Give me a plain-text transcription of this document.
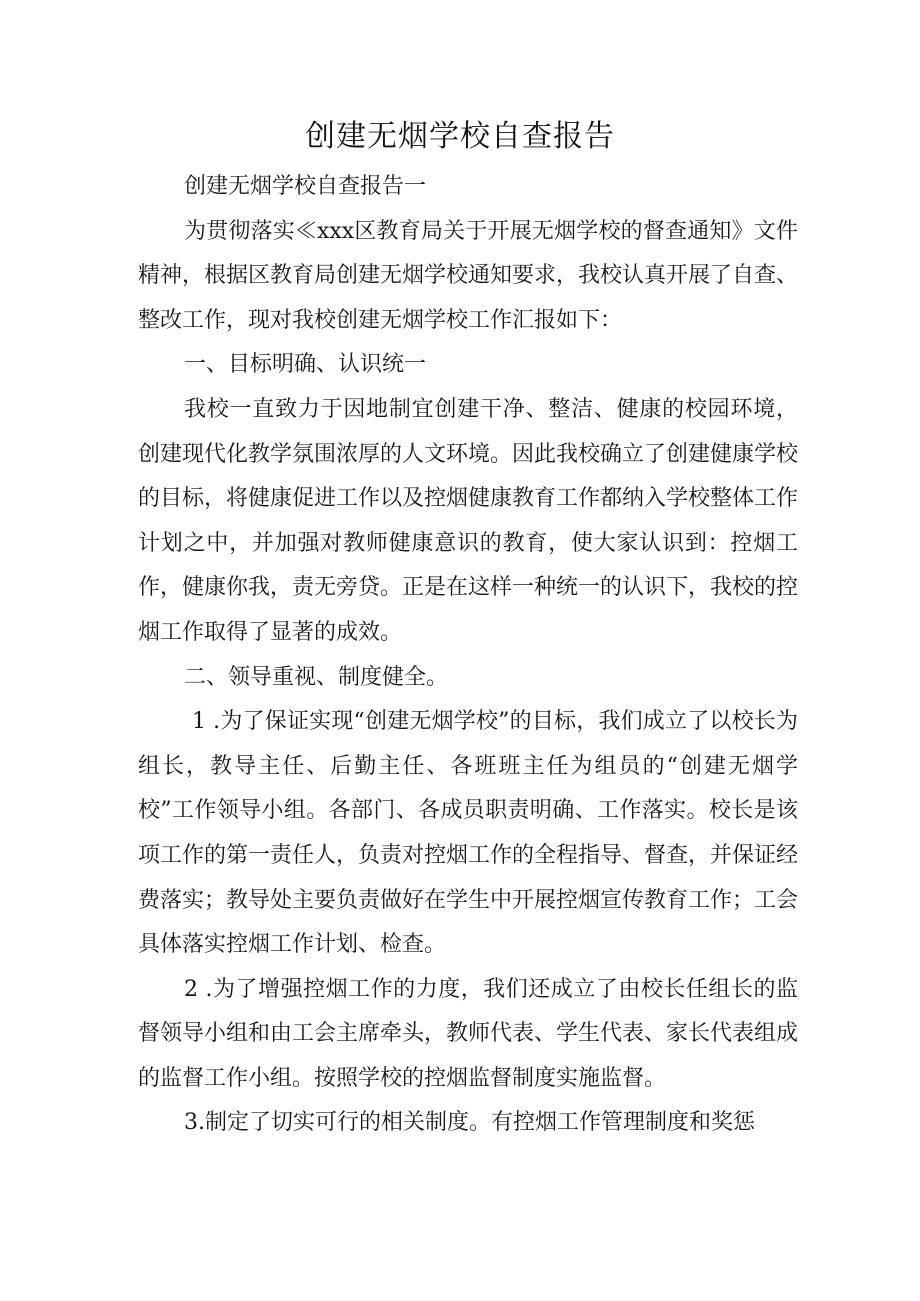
创建无烟学校自查报告

创建无烟学校自查报告一

为贯彻落实≪xxx区教育局关于开展无烟学校的督查通知》文件精神，根据区教育局创建无烟学校通知要求，我校认真开展了自查、整改工作，现对我校创建无烟学校工作汇报如下：

一、目标明确、认识统一

我校一直致力于因地制宜创建干净、整洁、健康的校园环境，创建现代化教学氛围浓厚的人文环境。因此我校确立了创建健康学校的目标，将健康促进工作以及控烟健康教育工作都纳入学校整体工作计划之中，并加强对教师健康意识的教育，使大家认识到：控烟工作，健康你我，责无旁贷。正是在这样一种统一的认识下，我校的控烟工作取得了显著的成效。

二、领导重视、制度健全。

1 .为了保证实现“创建无烟学校”的目标，我们成立了以校长为组长，教导主任、后勤主任、各班班主任为组员的“创建无烟学校”工作领导小组。各部门、各成员职责明确、工作落实。校长是该项工作的第一责任人，负责对控烟工作的全程指导、督查，并保证经费落实；教导处主要负责做好在学生中开展控烟宣传教育工作；工会具体落实控烟工作计划、检查。

2 .为了增强控烟工作的力度，我们还成立了由校长任组长的监督领导小组和由工会主席牵头，教师代表、学生代表、家长代表组成的监督工作小组。按照学校的控烟监督制度实施监督。

3.制定了切实可行的相关制度。有控烟工作管理制度和奖惩
